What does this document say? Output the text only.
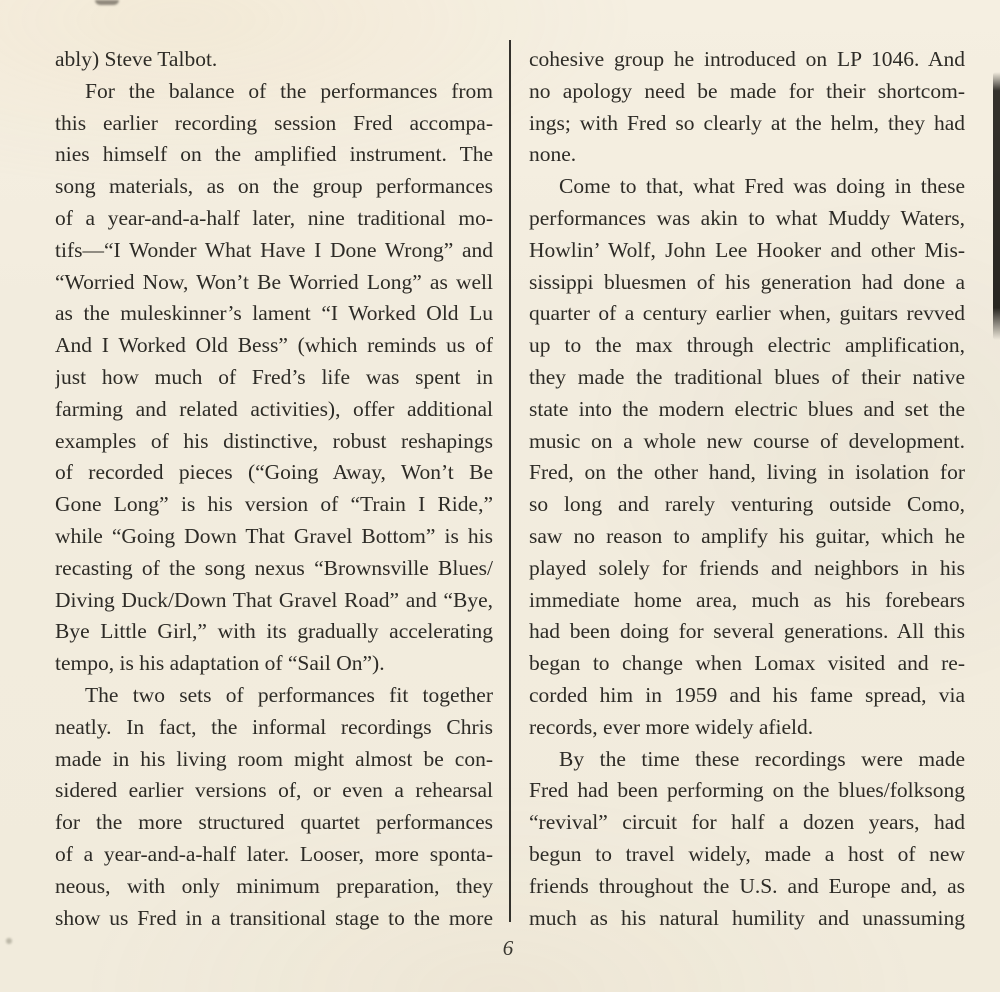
ably) Steve Talbot.
For the balance of the performances from
this earlier recording session Fred accompa-
nies himself on the amplified instrument. The
song materials, as on the group performances
of a year-and-a-half later, nine traditional mo-
tifs—“I Wonder What Have I Done Wrong” and
“Worried Now, Won’t Be Worried Long” as well
as the muleskinner’s lament “I Worked Old Lu
And I Worked Old Bess” (which reminds us of
just how much of Fred’s life was spent in
farming and related activities), offer additional
examples of his distinctive, robust reshapings
of recorded pieces (“Going Away, Won’t Be
Gone Long” is his version of “Train I Ride,”
while “Going Down That Gravel Bottom” is his
recasting of the song nexus “Brownsville Blues/
Diving Duck/Down That Gravel Road” and “Bye,
Bye Little Girl,” with its gradually accelerating
tempo, is his adaptation of “Sail On”).
The two sets of performances fit together
neatly. In fact, the informal recordings Chris
made in his living room might almost be con-
sidered earlier versions of, or even a rehearsal
for the more structured quartet performances
of a year-and-a-half later. Looser, more sponta-
neous, with only minimum preparation, they
show us Fred in a transitional stage to the more
cohesive group he introduced on LP 1046. And
no apology need be made for their shortcom-
ings; with Fred so clearly at the helm, they had
none.
Come to that, what Fred was doing in these
performances was akin to what Muddy Waters,
Howlin’ Wolf, John Lee Hooker and other Mis-
sissippi bluesmen of his generation had done a
quarter of a century earlier when, guitars revved
up to the max through electric amplification,
they made the traditional blues of their native
state into the modern electric blues and set the
music on a whole new course of development.
Fred, on the other hand, living in isolation for
so long and rarely venturing outside Como,
saw no reason to amplify his guitar, which he
played solely for friends and neighbors in his
immediate home area, much as his forebears
had been doing for several generations. All this
began to change when Lomax visited and re-
corded him in 1959 and his fame spread, via
records, ever more widely afield.
By the time these recordings were made
Fred had been performing on the blues/folksong
“revival” circuit for half a dozen years, had
begun to travel widely, made a host of new
friends throughout the U.S. and Europe and, as
much as his natural humility and unassuming
6
